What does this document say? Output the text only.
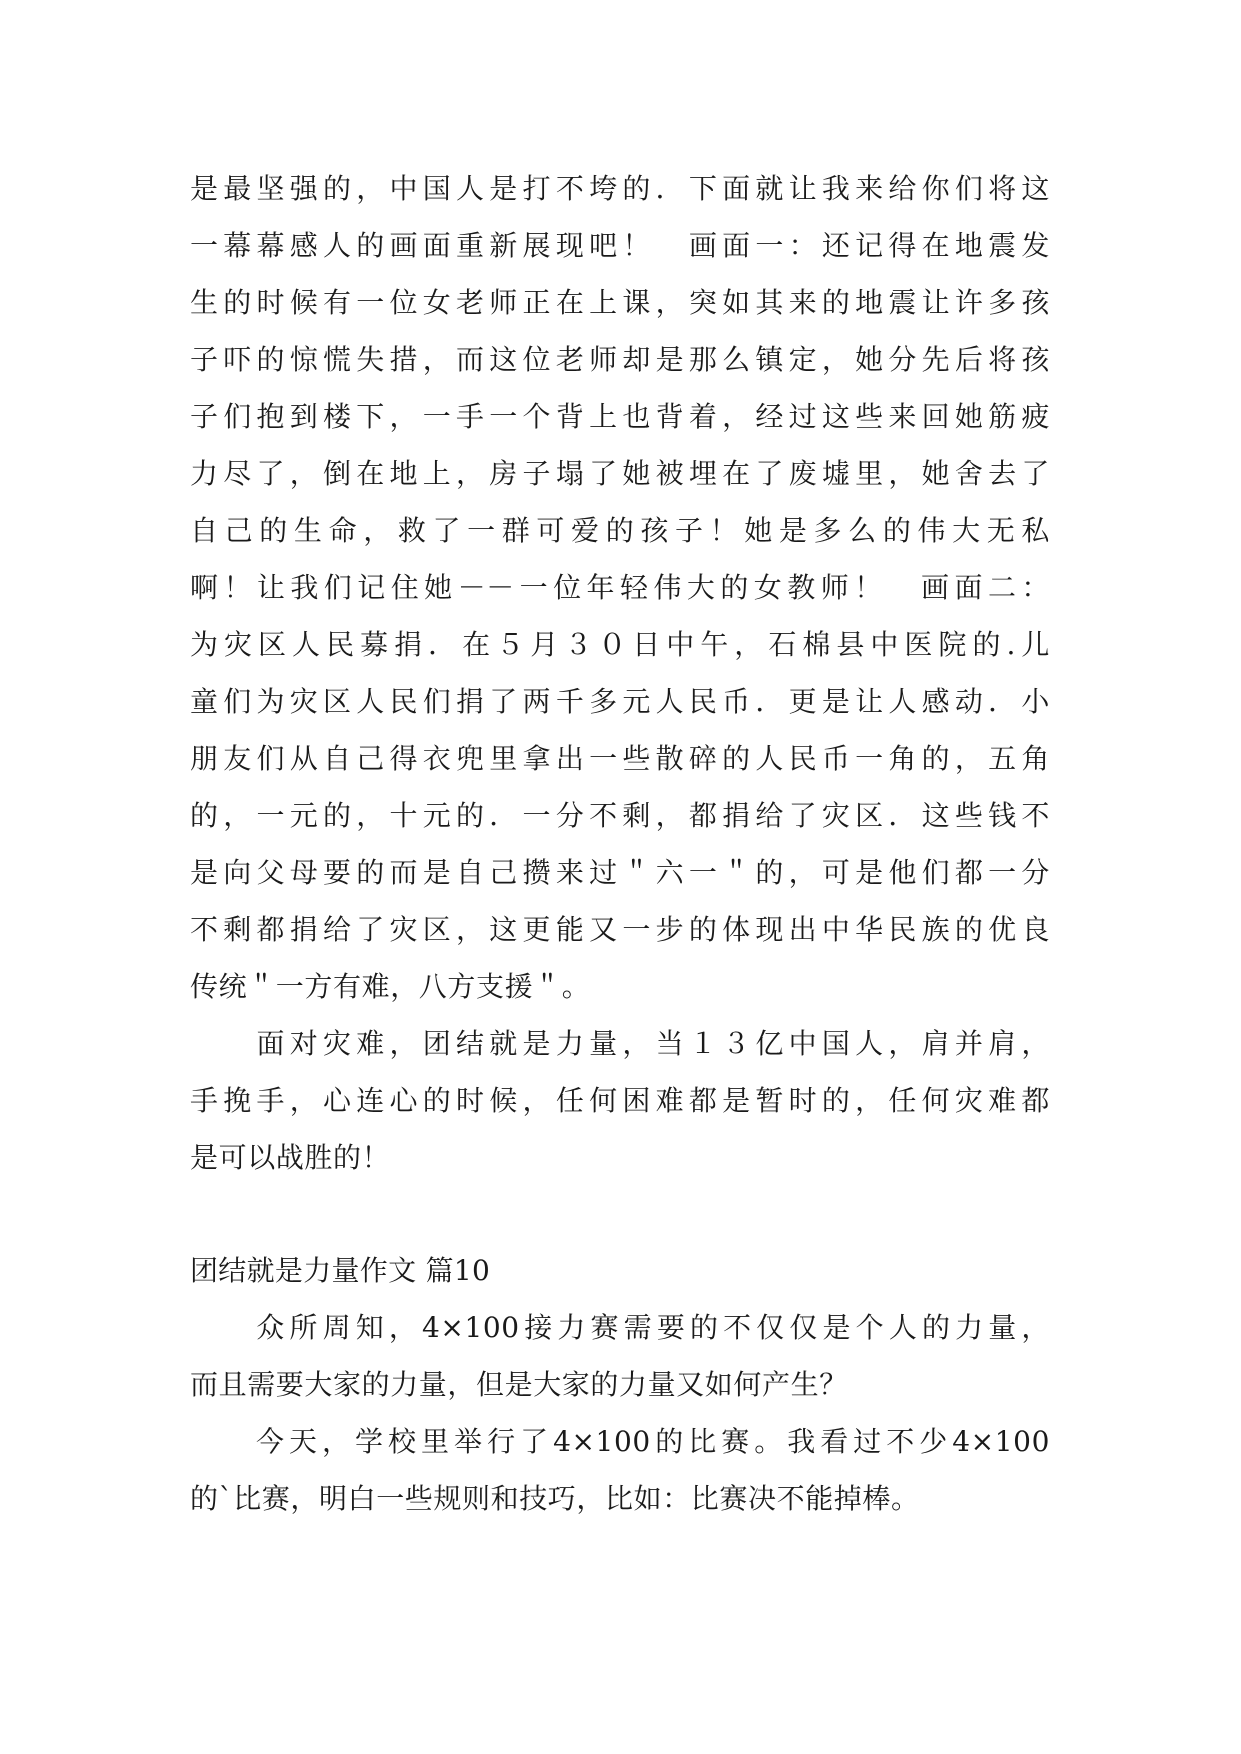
是最坚强的，中国人是打不垮的．下面就让我来给你们将这
一幕幕感人的画面重新展现吧！　画面一：还记得在地震发
生的时候有一位女老师正在上课，突如其来的地震让许多孩
子吓的惊慌失措，而这位老师却是那么镇定，她分先后将孩
子们抱到楼下，一手一个背上也背着，经过这些来回她筋疲
力尽了，倒在地上，房子塌了她被埋在了废墟里，她舍去了
自己的生命，救了一群可爱的孩子！她是多么的伟大无私
啊！让我们记住她－－一位年轻伟大的女教师！　画面二：
为灾区人民募捐．在５月３０日中午，石棉县中医院的.儿
童们为灾区人民们捐了两千多元人民币．更是让人感动．小
朋友们从自己得衣兜里拿出一些散碎的人民币一角的，五角
的，一元的，十元的．一分不剩，都捐给了灾区．这些钱不
是向父母要的而是自己攒来过＂六一＂的，可是他们都一分
不剩都捐给了灾区，这更能又一步的体现出中华民族的优良
传统＂一方有难，八方支援＂。
　　面对灾难，团结就是力量，当１３亿中国人，肩并肩，
手挽手，心连心的时候，任何困难都是暂时的，任何灾难都
是可以战胜的！
团结就是力量作文 篇10
　　众所周知，4×100接力赛需要的不仅仅是个人的力量，
而且需要大家的力量，但是大家的力量又如何产生？
　　今天，学校里举行了4×100的比赛。我看过不少4×100
的`比赛，明白一些规则和技巧，比如：比赛决不能掉棒。
